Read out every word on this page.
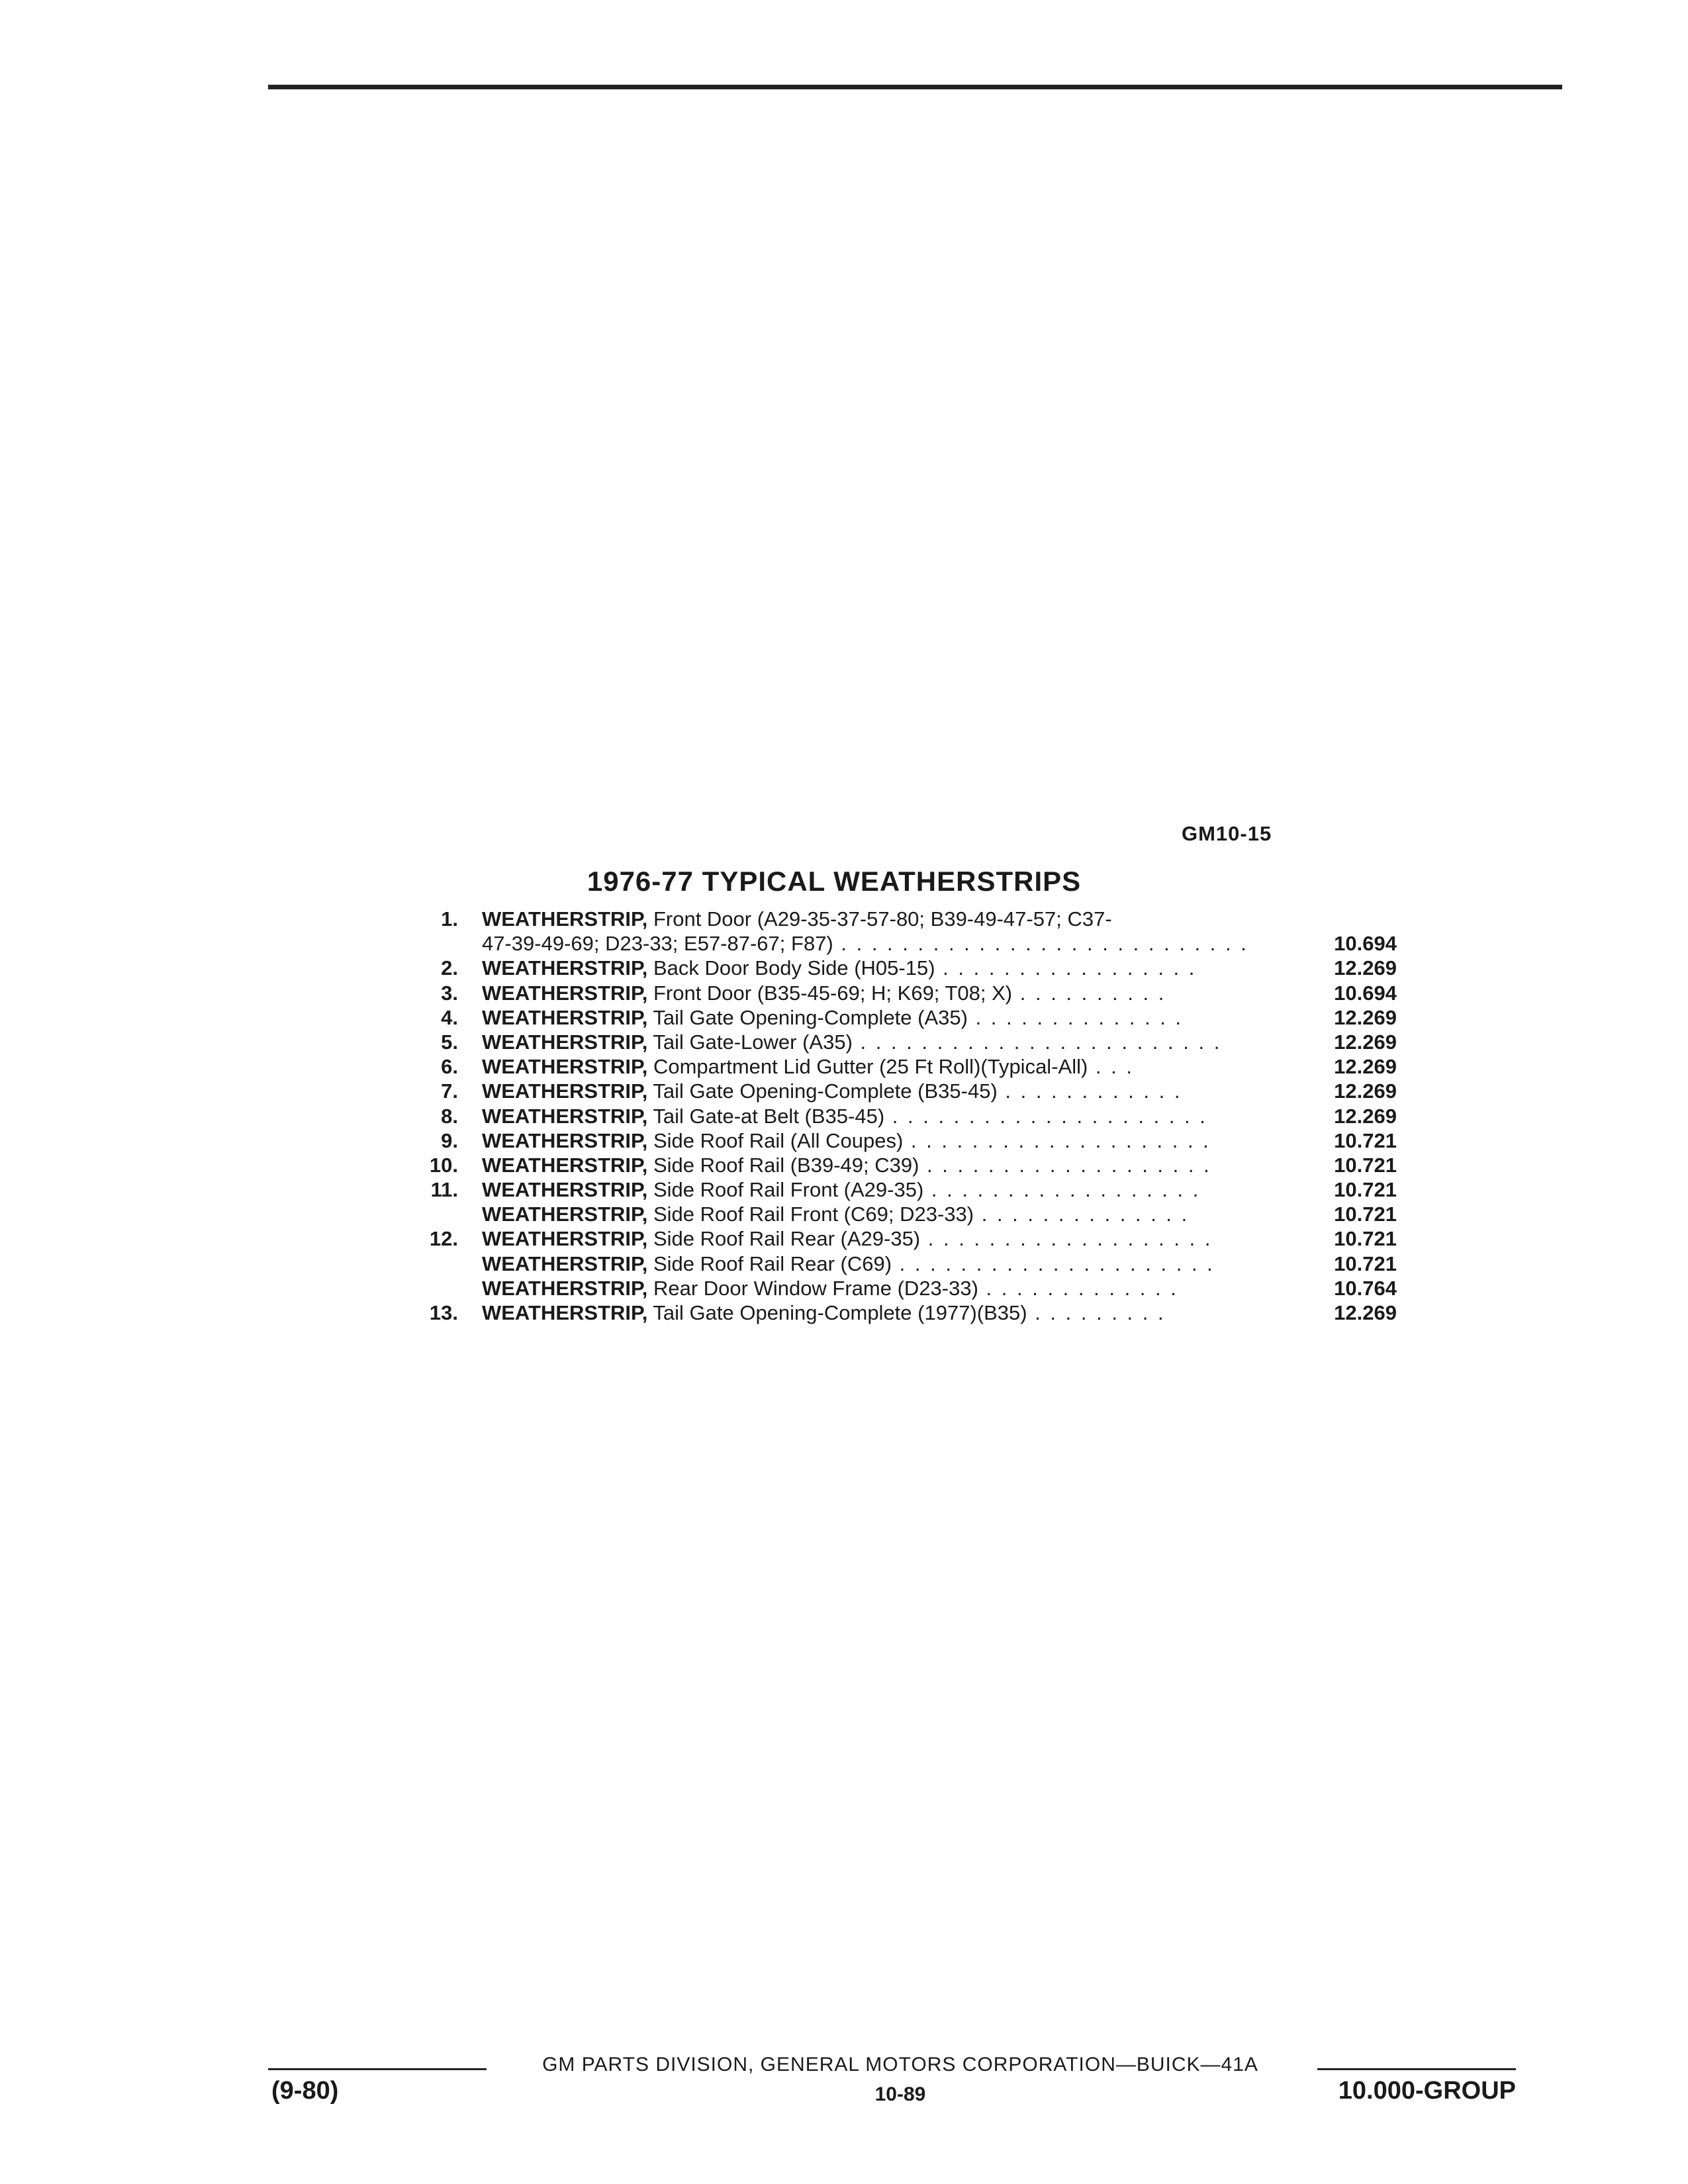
GM10-15
1976-77 TYPICAL WEATHERSTRIPS
1. WEATHERSTRIP, Front Door (A29-35-37-57-80; B39-49-47-57; C37-
47-39-49-69; D23-33; E57-87-67; F87) . . . . . . . . . . . . . . . . . . . . . . . . . . .	10.694
2. WEATHERSTRIP, Back Door Body Side (H05-15) . . . . . . . . . . . . . . . . .	12.269
3. WEATHERSTRIP, Front Door (B35-45-69; H; K69; T08; X) . . . . . . . . . .	10.694
4. WEATHERSTRIP, Tail Gate Opening-Complete (A35) . . . . . . . . . . . . . .	12.269
5. WEATHERSTRIP, Tail Gate-Lower (A35) . . . . . . . . . . . . . . . . . . . . . . . .	12.269
6. WEATHERSTRIP, Compartment Lid Gutter (25 Ft Roll)(Typical-All) . . .	12.269
7. WEATHERSTRIP, Tail Gate Opening-Complete (B35-45) . . . . . . . . . . . .	12.269
8. WEATHERSTRIP, Tail Gate-at Belt (B35-45) . . . . . . . . . . . . . . . . . . . . .	12.269
9. WEATHERSTRIP, Side Roof Rail (All Coupes) . . . . . . . . . . . . . . . . . . . .	10.721
10. WEATHERSTRIP, Side Roof Rail (B39-49; C39) . . . . . . . . . . . . . . . . . . .	10.721
11. WEATHERSTRIP, Side Roof Rail Front (A29-35) . . . . . . . . . . . . . . . . . .	10.721
WEATHERSTRIP, Side Roof Rail Front (C69; D23-33) . . . . . . . . . . . . . .	10.721
12. WEATHERSTRIP, Side Roof Rail Rear (A29-35) . . . . . . . . . . . . . . . . . . .	10.721
WEATHERSTRIP, Side Roof Rail Rear (C69) . . . . . . . . . . . . . . . . . . . . .	10.721
WEATHERSTRIP, Rear Door Window Frame (D23-33) . . . . . . . . . . . . .	10.764
13. WEATHERSTRIP, Tail Gate Opening-Complete (1977)(B35) . . . . . . . . .	12.269
GM PARTS DIVISION, GENERAL MOTORS CORPORATION—BUICK—41A
(9-80)	10-89	10.000-GROUP
